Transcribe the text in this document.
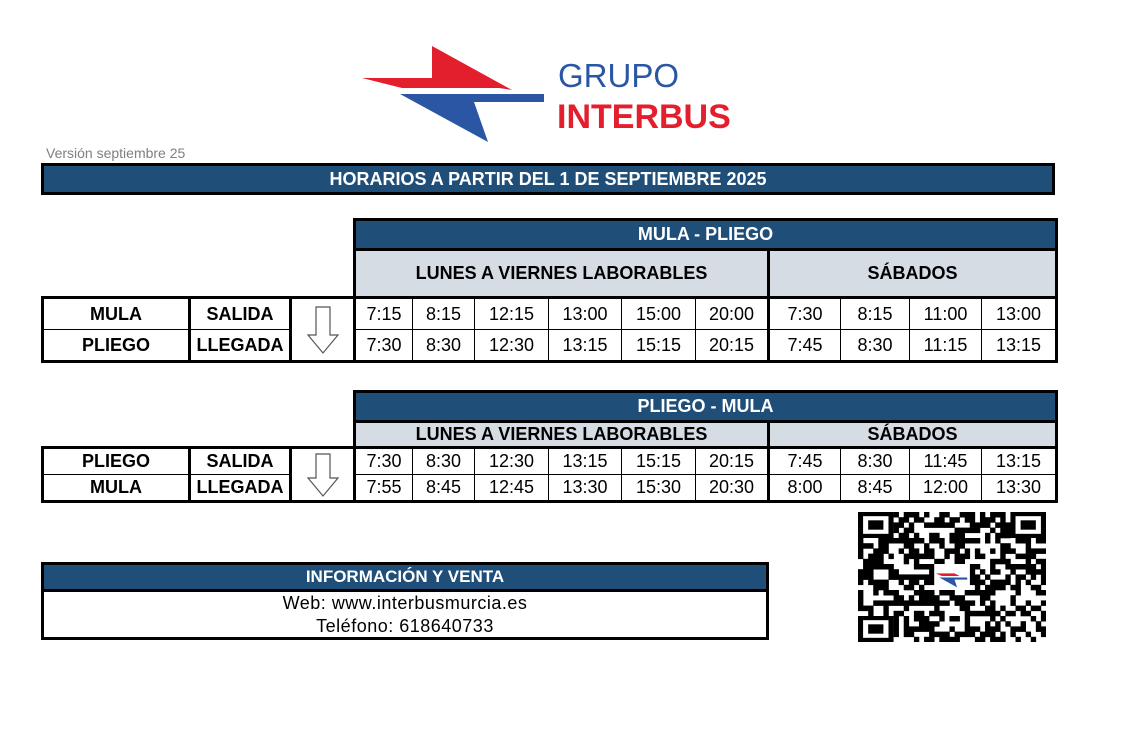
GRUPO
INTERBUS
Versión septiembre 25
HORARIOS A PARTIR DEL 1 DE SEPTIEMBRE 2025
			MULA - PLIEGO									
			LUNES A VIERNES LABORABLES						SÁBADOS			
MULA	SALIDA		7:15	8:15	12:15	13:00	15:00	20:00	7:30	8:15	11:00	13:00
PLIEGO	LLEGADA		7:30	8:30	12:30	13:15	15:15	20:15	7:45	8:30	11:15	13:15
			PLIEGO - MULA									
			LUNES A VIERNES LABORABLES						SÁBADOS			
PLIEGO	SALIDA		7:30	8:30	12:30	13:15	15:15	20:15	7:45	8:30	11:45	13:15
MULA	LLEGADA		7:55	8:45	12:45	13:30	15:30	20:30	8:00	8:45	12:00	13:30
INFORMACIÓN Y VENTA
Web: www.interbusmurcia.es
Teléfono: 618640733
